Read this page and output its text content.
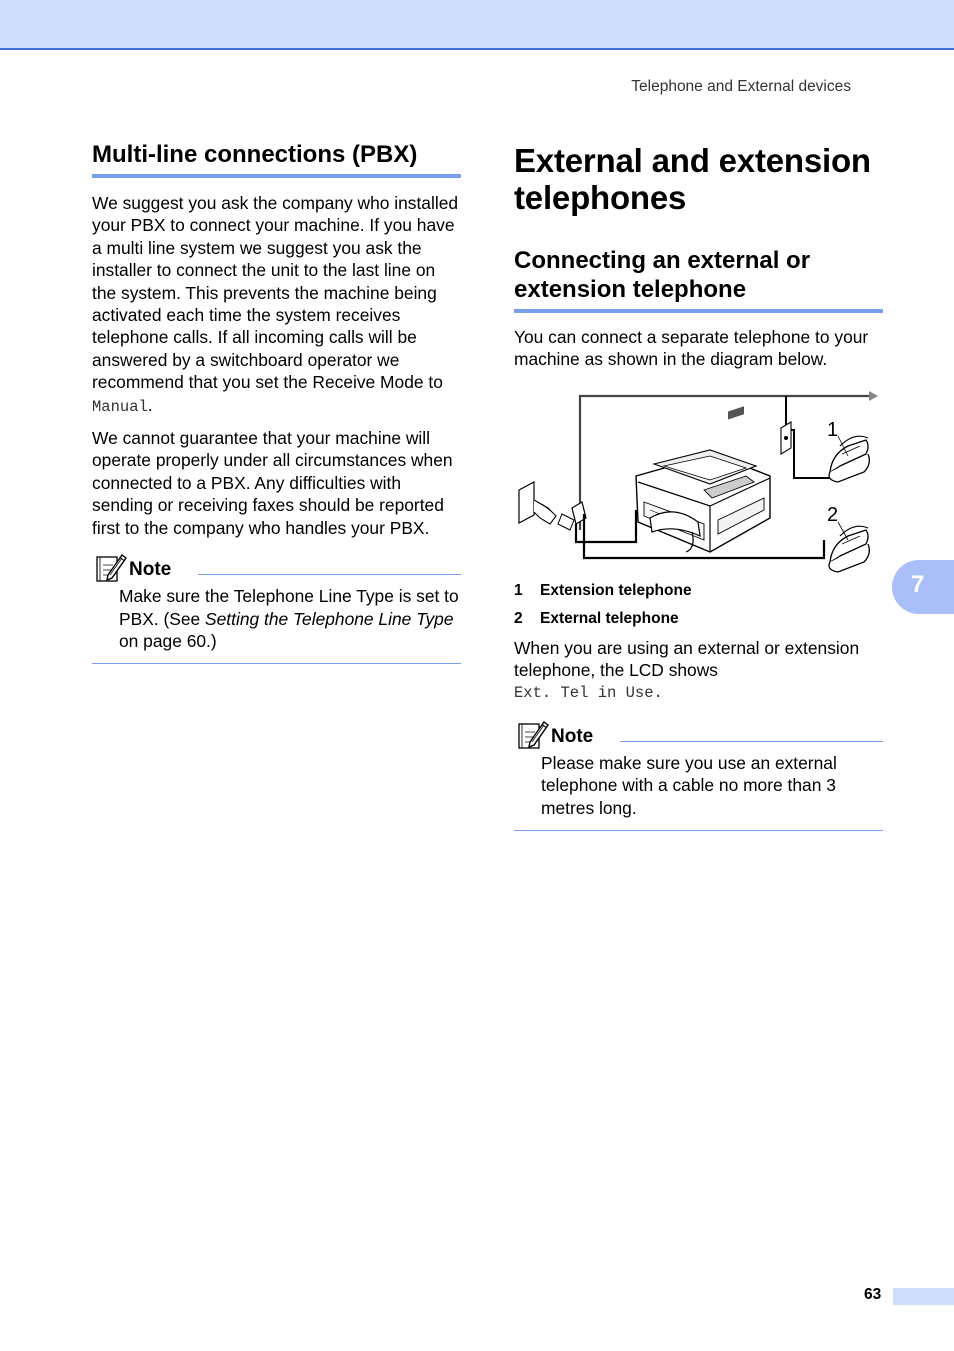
Telephone and External devices
Multi-line connections (PBX)

We suggest you ask the company who installed your PBX to connect your machine. If you have a multi line system we suggest you ask the installer to connect the unit to the last line on the system. This prevents the machine being activated each time the system receives telephone calls. If all incoming calls will be answered by a switchboard operator we recommend that you set the Receive Mode to Manual.

We cannot guarantee that your machine will operate properly under all circumstances when connected to a PBX. Any difficulties with sending or receiving faxes should be reported first to the company who handles your PBX.

Note

Make sure the Telephone Line Type is set to PBX. (See Setting the Telephone Line Type on page 60.)

External and extension telephones
Connecting an external or extension telephone

You can connect a separate telephone to your machine as shown in the diagram below.

1
2
1 Extension telephone
2 External telephone

When you are using an external or extension telephone, the LCD shows

Ext. Tel in Use.

Note

Please make sure you use an external telephone with a cable no more than 3 metres long.

7
63
